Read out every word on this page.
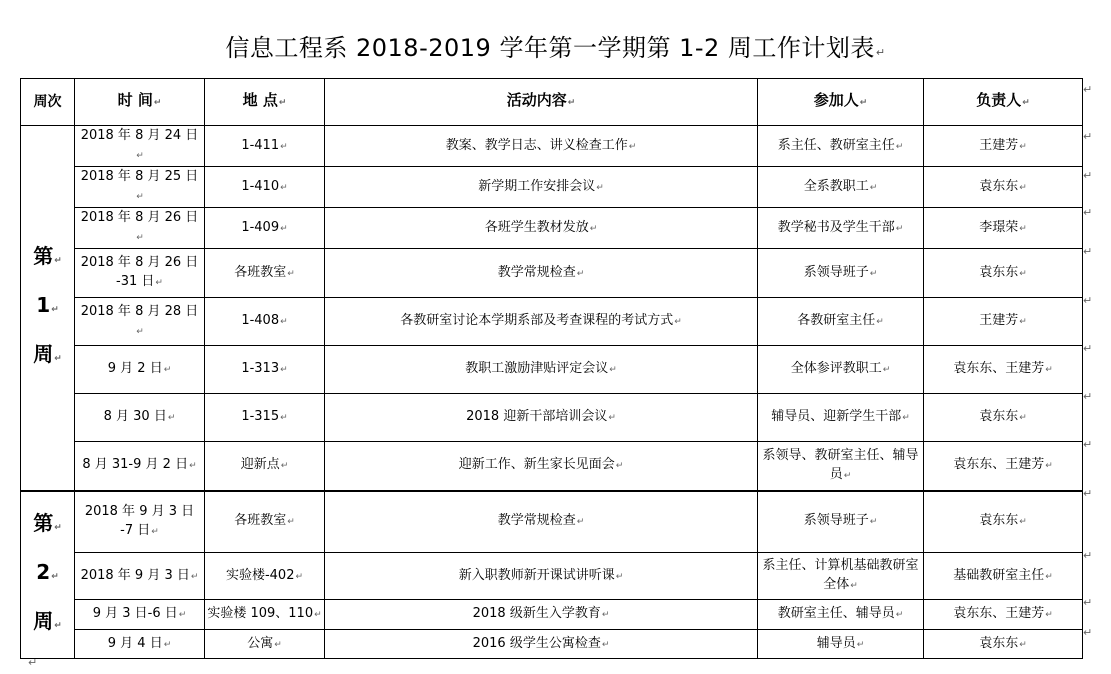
信息工程系 2018-2019 学年第一学期第 1-2 周工作计划表↵
周次	时 间↵	地 点↵	活动内容↵	参加人↵	负责人↵
第↵
1↵
周↵	2018 年 8 月 24 日↵	1-411↵	教案、教学日志、讲义检查工作↵	系主任、教研室主任↵	王建芳↵
	2018 年 8 月 25 日↵	1-410↵	新学期工作安排会议↵	全系教职工↵	袁东东↵
	2018 年 8 月 26 日↵	1-409↵	各班学生教材发放↵	教学秘书及学生干部↵	李璟荣↵
	2018 年 8 月 26 日 -31 日↵	各班教室↵	教学常规检查↵	系领导班子↵	袁东东↵
	2018 年 8 月 28 日↵	1-408↵	各教研室讨论本学期系部及考查课程的考试方式↵	各教研室主任↵	王建芳↵
	9 月 2 日↵	1-313↵	教职工激励津贴评定会议↵	全体参评教职工↵	袁东东、王建芳↵
	8 月 30 日↵	1-315↵	2018 迎新干部培训会议↵	辅导员、迎新学生干部↵	袁东东↵
	8 月 31-9 月 2 日↵	迎新点↵	迎新工作、新生家长见面会↵	系领导、教研室主任、辅导员↵	袁东东、王建芳↵
第↵
2↵
周↵	2018 年 9 月 3 日 -7 日↵	各班教室↵	教学常规检查↵	系领导班子↵	袁东东↵
	2018 年 9 月 3 日↵	实验楼-402↵	新入职教师新开课试讲听课↵	系主任、计算机基础教研室全体↵	基础教研室主任↵
	9 月 3 日-6 日↵	实验楼 109、110↵	2018 级新生入学教育↵	教研室主任、辅导员↵	袁东东、王建芳↵
	9 月 4 日↵	公寓↵	2016 级学生公寓检查↵	辅导员↵	袁东东↵
↵
↵
↵
↵
↵
↵
↵
↵
↵
↵
↵
↵
↵
↵
